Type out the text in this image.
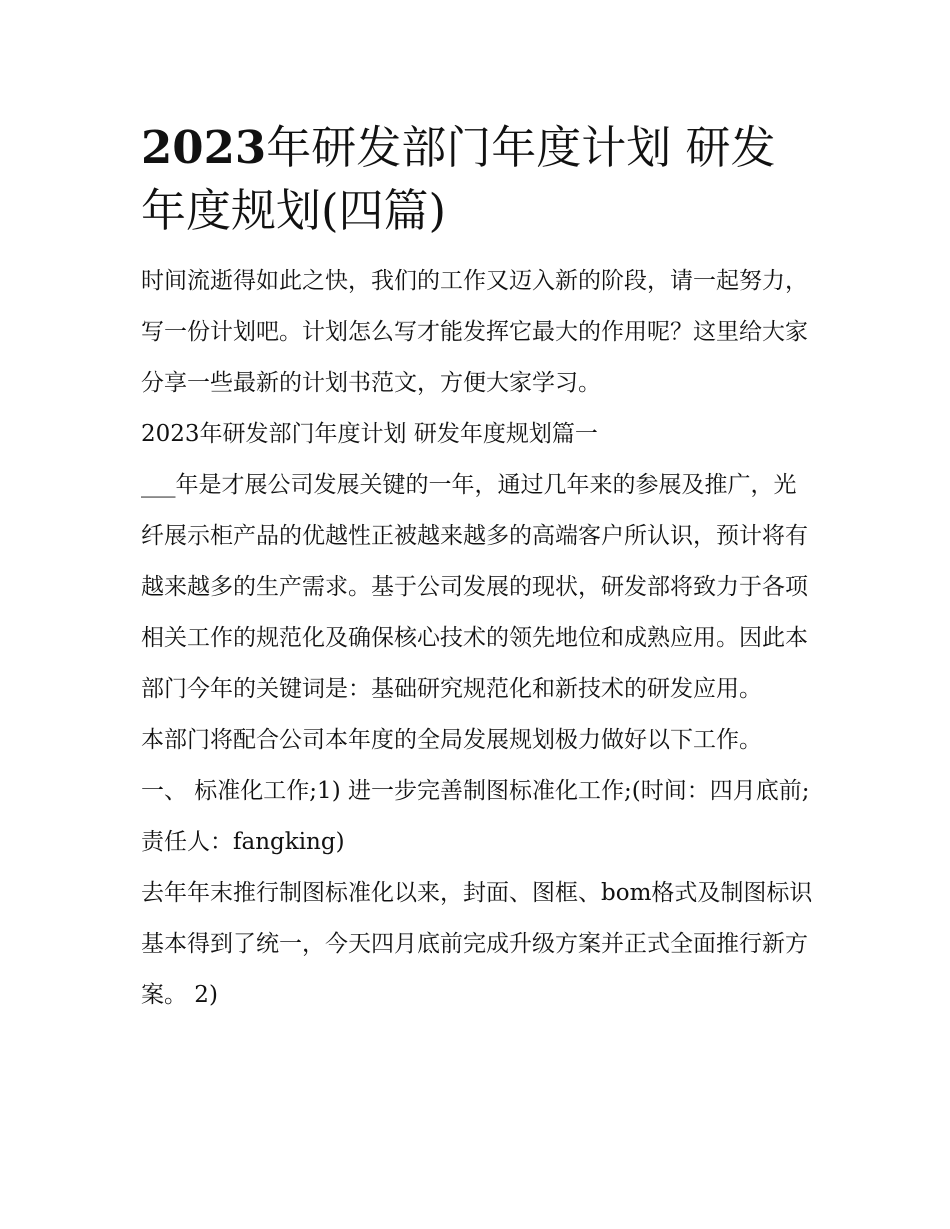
2023年研发部门年度计划 研发年度规划(四篇)

时间流逝得如此之快，我们的工作又迈入新的阶段，请一起努力，写一份计划吧。计划怎么写才能发挥它最大的作用呢？这里给大家分享一些最新的计划书范文，方便大家学习。

2023年研发部门年度计划 研发年度规划篇一

___年是才展公司发展关键的一年，通过几年来的参展及推广，光纤展示柜产品的优越性正被越来越多的高端客户所认识，预计将有越来越多的生产需求。基于公司发展的现状，研发部将致力于各项相关工作的规范化及确保核心技术的领先地位和成熟应用。因此本部门今年的关键词是：基础研究规范化和新技术的研发应用。

本部门将配合公司本年度的全局发展规划极力做好以下工作。

一、 标准化工作;1) 进一步完善制图标准化工作;(时间：四月底前;责任人：fangking)

去年年末推行制图标准化以来，封面、图框、bom格式及制图标识基本得到了统一，今天四月底前完成升级方案并正式全面推行新方案。 2)
